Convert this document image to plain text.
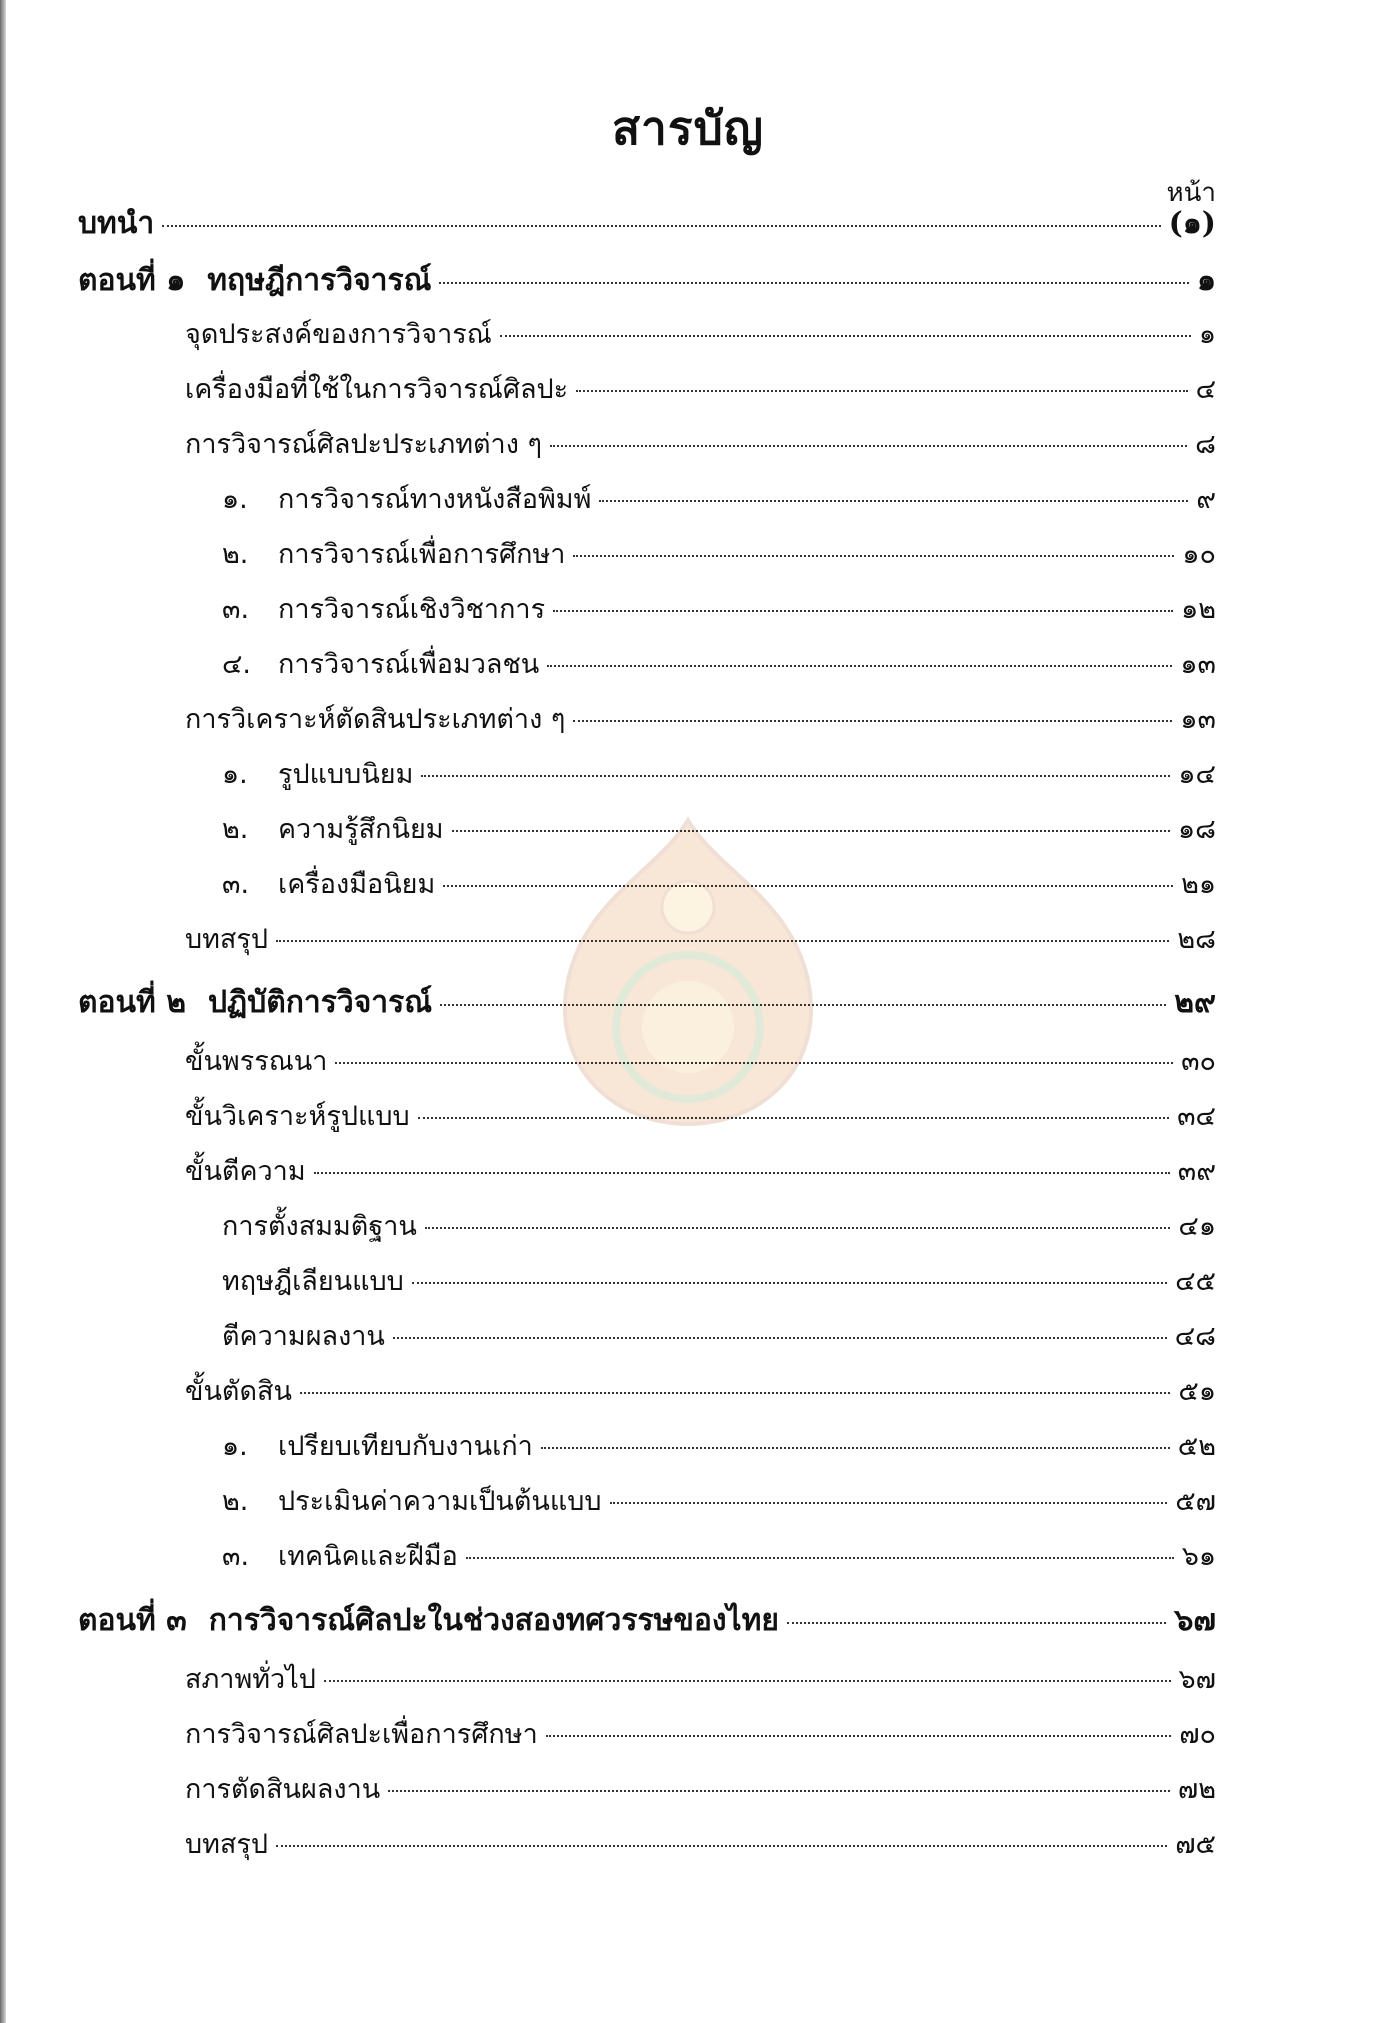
สารบัญ
หน้า
บทนำ	(๑)
ตอนที่ ๑ ทฤษฎีการวิจารณ์	๑
จุดประสงค์ของการวิจารณ์	๑
เครื่องมือที่ใช้ในการวิจารณ์ศิลปะ	๔
การวิจารณ์ศิลปะประเภทต่าง ๆ	๘
๑.	การวิจารณ์ทางหนังสือพิมพ์	๙
๒.	การวิจารณ์เพื่อการศึกษา	๑๐
๓.	การวิจารณ์เชิงวิชาการ	๑๒
๔. การวิจารณ์เพื่อมวลชน	๑๓
การวิเคราะห์ตัดสินประเภทต่าง ๆ	๑๓
๑.	รูปแบบนิยม	๑๔
๒.	ความรู้สึกนิยม	๑๘
๓.	เครื่องมือนิยม	๒๑
บทสรุป	๒๘
ตอนที่ ๒ ปฏิบัติการวิจารณ์	๒๙
ขั้นพรรณนา	๓๐
ขั้นวิเคราะห์รูปแบบ	๓๔
ขั้นตีความ	๓๙
การตั้งสมมติฐาน	๔๑
ทฤษฎีเลียนแบบ	๔๕
ตีความผลงาน	๔๘
ขั้นตัดสิน	๕๑
๑.	เปรียบเทียบกับงานเก่า	๕๒
๒.	ประเมินค่าความเป็นต้นแบบ	๕๗
๓.	เทคนิคและฝีมือ	๖๑
ตอนที่ ๓ การวิจารณ์ศิลปะในช่วงสองทศวรรษของไทย	๖๗
สภาพทั่วไป	๖๗
การวิจารณ์ศิลปะเพื่อการศึกษา	๗๐
การตัดสินผลงาน	๗๒
บทสรุป	๗๕
